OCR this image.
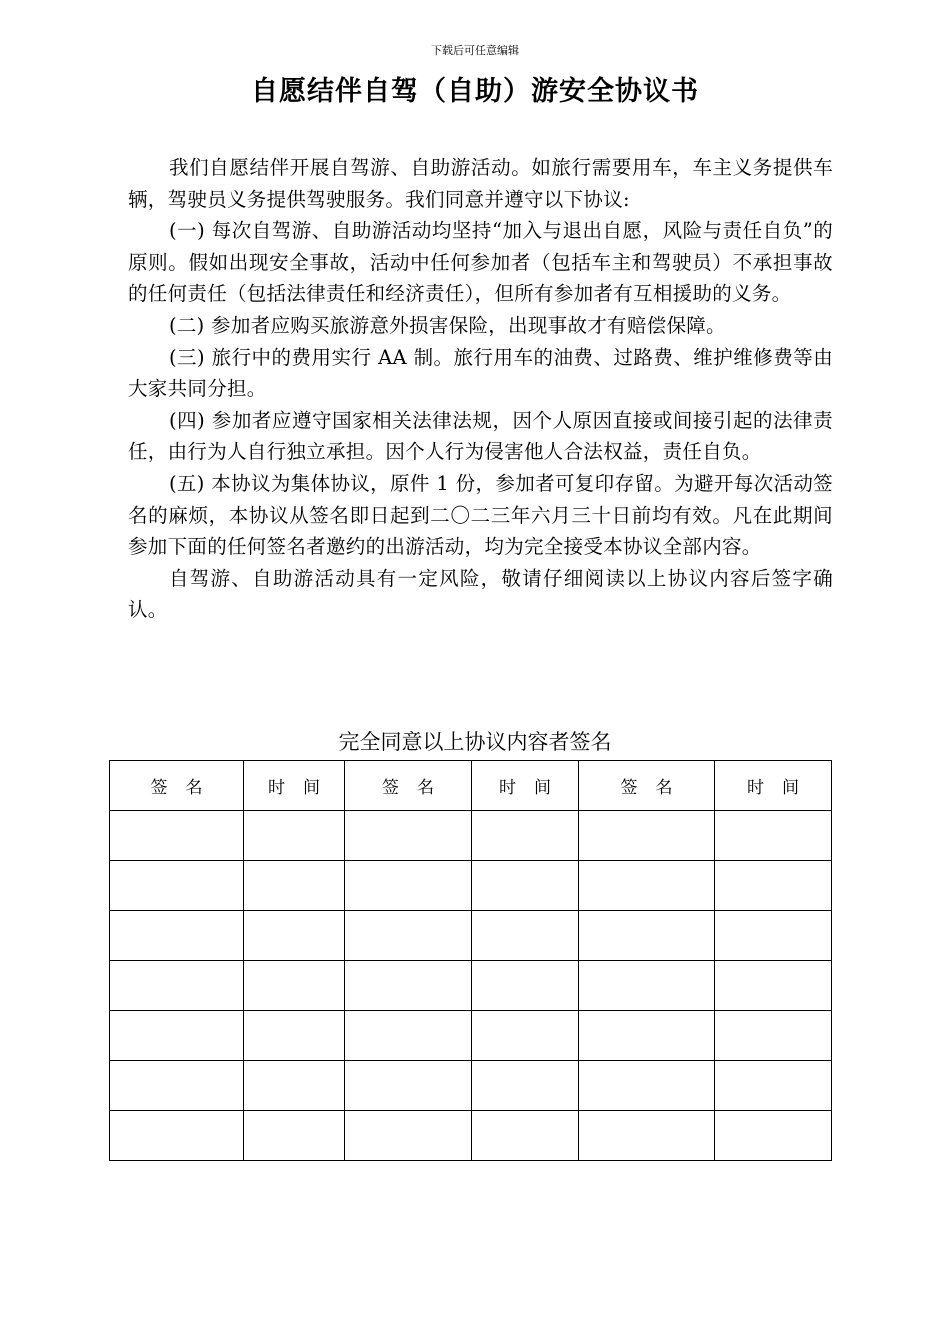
下载后可任意编辑
自愿结伴自驾（自助）游安全协议书

我们自愿结伴开展自驾游、自助游活动。如旅行需要用车，车主义务提供车辆，驾驶员义务提供驾驶服务。我们同意并遵守以下协议:

(一) 每次自驾游、自助游活动均坚持“加入与退出自愿，风险与责任自负”的原则。假如出现安全事故，活动中任何参加者（包括车主和驾驶员）不承担事故的任何责任（包括法律责任和经济责任），但所有参加者有互相援助的义务。

(二) 参加者应购买旅游意外损害保险，出现事故才有赔偿保障。

(三) 旅行中的费用实行 AA 制。旅行用车的油费、过路费、维护维修费等由大家共同分担。

(四) 参加者应遵守国家相关法律法规，因个人原因直接或间接引起的法律责任，由行为人自行独立承担。因个人行为侵害他人合法权益，责任自负。

(五) 本协议为集体协议，原件 1 份，参加者可复印存留。为避开每次活动签名的麻烦，本协议从签名即日起到二〇二三年六月三十日前均有效。凡在此期间参加下面的任何签名者邀约的出游活动，均为完全接受本协议全部内容。

自驾游、自助游活动具有一定风险，敬请仔细阅读以上协议内容后签字确认。

完全同意以上协议内容者签名
签名	时间	签名	时间	签名	时间
